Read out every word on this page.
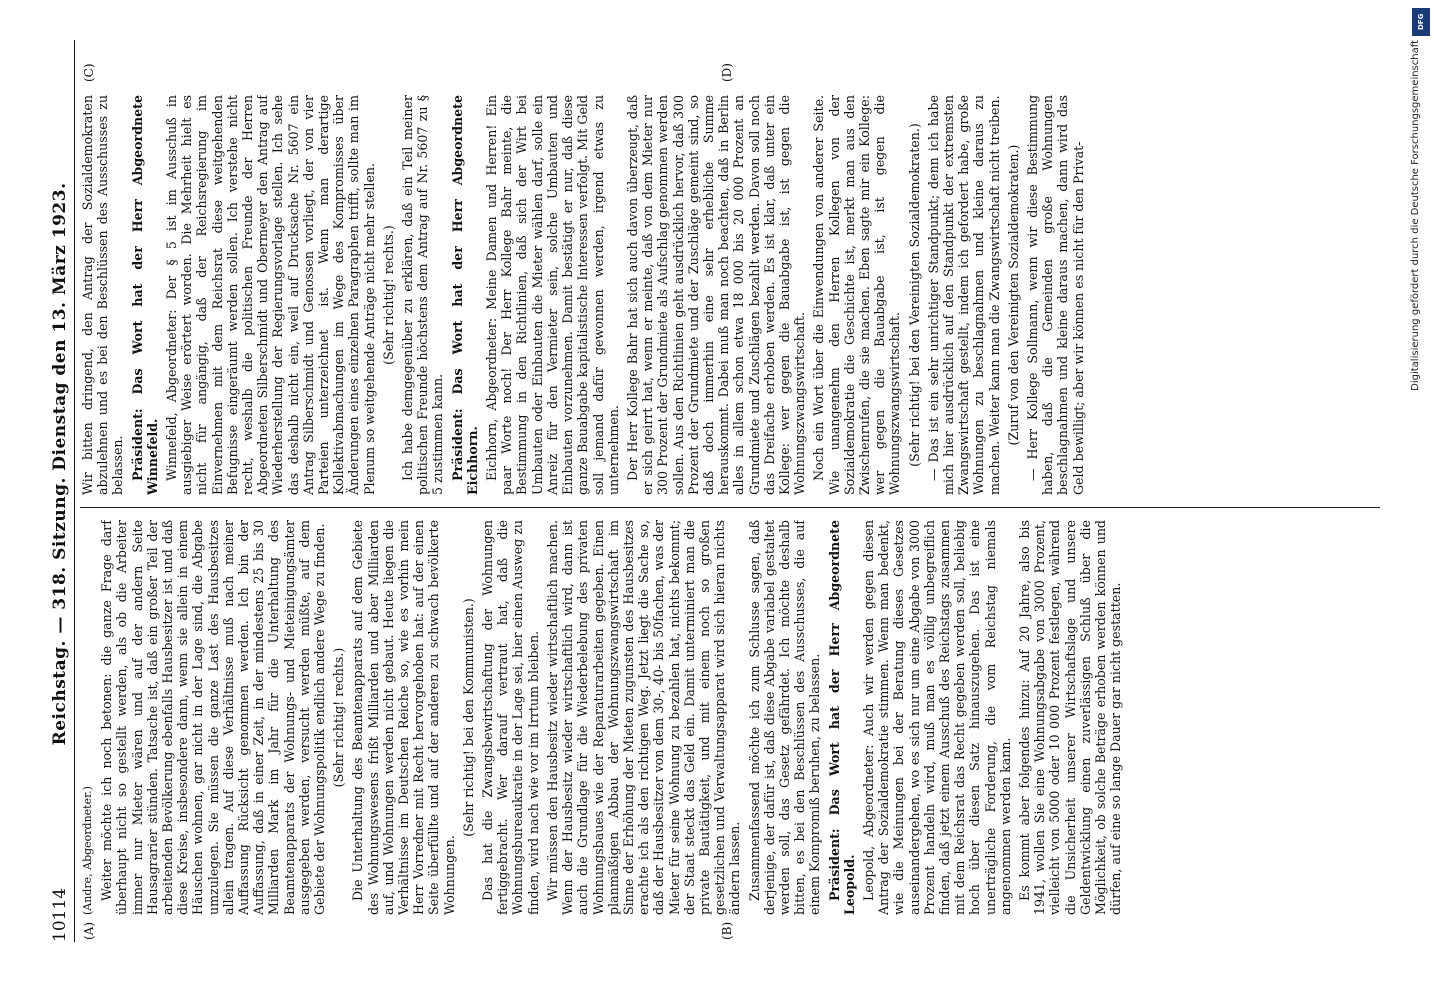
10114
Reichstag. — 318. Sitzung. Dienstag den 13. März 1923.
(A)	(B)
(C)	(D)

(Andre, Abgeordneter.) Weiter möchte ich noch betonen: die ganze Frage darf überhaupt nicht so gestellt werden, als ob die Arbeiter immer nur Mieter wären und auf der andern Seite Hausagrarier stünden. Tatsache ist, daß ein großer Teil der arbeitenden Bevölkerung ebenfalls Hausbesitzer ist und daß diese Kreise, insbesondere dann, wenn sie allein in einem Häuschen wohnen, gar nicht in der Lage sind, die Abgabe umzulegen. Sie müssen die ganze Last des Hausbesitzes allein tragen. Auf diese Verhältnisse muß nach meiner Auffassung Rücksicht genommen werden. Ich bin der Auffassung, daß in einer Zeit, in der mindestens 25 bis 30 Milliarden Mark im Jahr für die Unterhaltung des Beamtenapparats der Wohnungs- und Mieteinigungsämter ausgegeben werden, versucht werden müßte, auf dem Gebiete der Wohnungspolitik endlich andere Wege zu finden. (Sehr richtig! rechts.) Die Unterhaltung des Beamtenapparats auf dem Gebiete des Wohnungswesens frißt Milliarden und aber Milliarden auf, und Wohnungen werden nicht gebaut. Heute liegen die Verhältnisse im Deutschen Reiche so, wie es vorhin mein Herr Vorredner mit Recht hervorgehoben hat: auf der einen Seite überfüllte und auf der anderen zu schwach bevölkerte Wohnungen.

(Sehr richtig! bei den Kommunisten.) Das hat die Zwangsbewirtschaftung der Wohnungen fertiggebracht. Wer darauf vertraut hat, daß die Wohnungsbureaukratie in der Lage sei, hier einen Ausweg zu finden, wird nach wie vor im Irrtum bleiben. Wir müssen den Hausbesitz wieder wirtschaftlich machen. Wenn der Hausbesitz wieder wirtschaftlich wird, dann ist auch die Grundlage für die Wiederbelebung des privaten Wohnungsbaues wie der Reparaturarbeiten gegeben. Einen planmäßigen Abbau der Wohnungszwangswirtschaft im Sinne der Erhöhung der Mieten zugunsten des Hausbesitzes erachte ich als den richtigen Weg. Jetzt liegt die Sache so, daß der Hausbesitzer von dem 30-, 40- bis 50fachen, was der Mieter für seine Wohnung zu bezahlen hat, nichts bekommt; der Staat steckt das Geld ein. Damit unterminiert man die private Bautätigkeit, und mit einem noch so großen gesetzlichen und Verwaltungsapparat wird sich hieran nichts ändern lassen. Zusammenfassend möchte ich zum Schlusse sagen, daß derjenige, der dafür ist, daß diese Abgabe variabel gestaltet werden soll, das Gesetz gefährdet. Ich möchte deshalb bitten, es bei den Beschlüssen des Ausschusses, die auf einem Kompromiß beruhen, zu belassen. Präsident: Das Wort hat der Herr Abgeordnete Leopold. Leopold, Abgeordneter: Auch wir werden gegen diesen Antrag der Sozialdemokratie stimmen. Wenn man bedenkt, wie die Meinungen bei der Beratung dieses Gesetzes auseinandergehen, wo es sich nur um eine Abgabe von 3000 Prozent handeln wird, muß man es völlig unbegreiflich finden, daß jetzt einem Ausschuß des Reichstags zusammen mit dem Reichsrat das Recht gegeben werden soll, beliebig hoch über diesen Satz hinauszugehen. Das ist eine unerträgliche Forderung, die vom Reichstag niemals angenommen werden kann. Es kommt aber folgendes hinzu: Auf 20 Jahre, also bis 1941, wollen Sie eine Wohnungsabgabe von 3000 Prozent, vielleicht von 5000 oder 10 000 Prozent festlegen, während die Unsicherheit unserer Wirtschaftslage und unsere Geldentwicklung einen zuverlässigen Schluß über die Möglichkeit, ob solche Beträge erhoben werden können und dürfen, auf eine so lange Dauer gar nicht gestatten.

Wir bitten dringend, den Antrag der Sozialdemokraten abzulehnen und es bei den Beschlüssen des Ausschusses zu belassen. Präsident: Das Wort hat der Herr Abgeordnete Winnefeld. Winnefeld, Abgeordneter: Der § 5 ist im Ausschuß in ausgiebiger Weise erörtert worden. Die Mehrheit hielt es nicht für angängig, daß der Reichsregierung im Einvernehmen mit dem Reichsrat diese weitgehenden Befugnisse eingeräumt werden sollen. Ich verstehe nicht recht, weshalb die politischen Freunde der Herren Abgeordneten Silberschmidt und Obermeyer den Antrag auf Wiederherstellung der Regierungsvorlage stellen. Ich sehe das deshalb nicht ein, weil auf Drucksache Nr. 5607 ein Antrag Silberschmidt und Genossen vorliegt, der von vier Parteien unterzeichnet ist. Wenn man derartige Kollektivabmachungen im Wege des Kompromisses über Änderungen eines einzelnen Paragraphen trifft, sollte man im Plenum so weitgehende Anträge nicht mehr stellen. (Sehr richtig! rechts.) Ich habe demgegenüber zu erklären, daß ein Teil meiner politischen Freunde höchstens dem Antrag auf Nr. 5607 zu § 5 zustimmen kann. Präsident: Das Wort hat der Herr Abgeordnete Eichhorn. Eichhorn, Abgeordneter: Meine Damen und Herren! Ein paar Worte noch! Der Herr Kollege Bahr meinte, die Bestimmung in den Richtlinien, daß sich der Wirt bei Umbauten oder Einbauten die Mieter wählen darf, solle ein Anreiz für den Vermieter sein, solche Umbauten und Einbauten vorzunehmen. Damit bestätigt er nur, daß diese ganze Bauabgabe kapitalistische Interessen verfolgt. Mit Geld soll jemand dafür gewonnen werden, irgend etwas zu unternehmen. Der Herr Kollege Bahr hat sich auch davon überzeugt, daß er sich geirrt hat, wenn er meinte, daß von dem Mieter nur 300 Prozent der Grundmiete als Aufschlag genommen werden sollen. Aus den Richtlinien geht ausdrücklich hervor, daß 300 Prozent der Grundmiete und der Zuschläge gemeint sind, so daß doch immerhin eine sehr erhebliche Summe herauskommt. Dabei muß man noch beachten, daß in Berlin alles in allem schon etwa 18 000 bis 20 000 Prozent an Grundmiete und Zuschlägen bezahlt werden. Davon soll noch das Dreifache erhoben werden. Es ist klar, daß unter ein Kollege: wer gegen die Bauabgabe ist, ist gegen die Wohnungszwangswirtschaft. Noch ein Wort über die Einwendungen von anderer Seite. Wie unangenehm den Herren Kollegen von der Sozialdemokratie die Geschichte ist, merkt man aus den Zwischenrufen, die sie machen. Eben sagte mir ein Kollege: wer gegen die Bauabgabe ist, ist gegen die Wohnungszwangswirtschaft. (Sehr richtig! bei den Vereinigten Sozialdemokraten.) — Das ist ein sehr unrichtiger Standpunkt; denn ich habe mich hier ausdrücklich auf den Standpunkt der extremsten Zwangswirtschaft gestellt, indem ich gefordert habe, große Wohnungen zu beschlagnahmen und kleine daraus zu machen. Weiter kann man die Zwangswirtschaft nicht treiben. (Zuruf von den Vereinigten Sozialdemokraten.) — Herr Kollege Sollmann, wenn wir diese Bestimmung haben, daß die Gemeinden große Wohnungen beschlagnahmen und kleine daraus machen, dann wird das Geld bewilligt; aber wir können es nicht für den Privat-	Digitalisierung gefördert durch die Deutsche Forschungsgemeinschaft
DFG
